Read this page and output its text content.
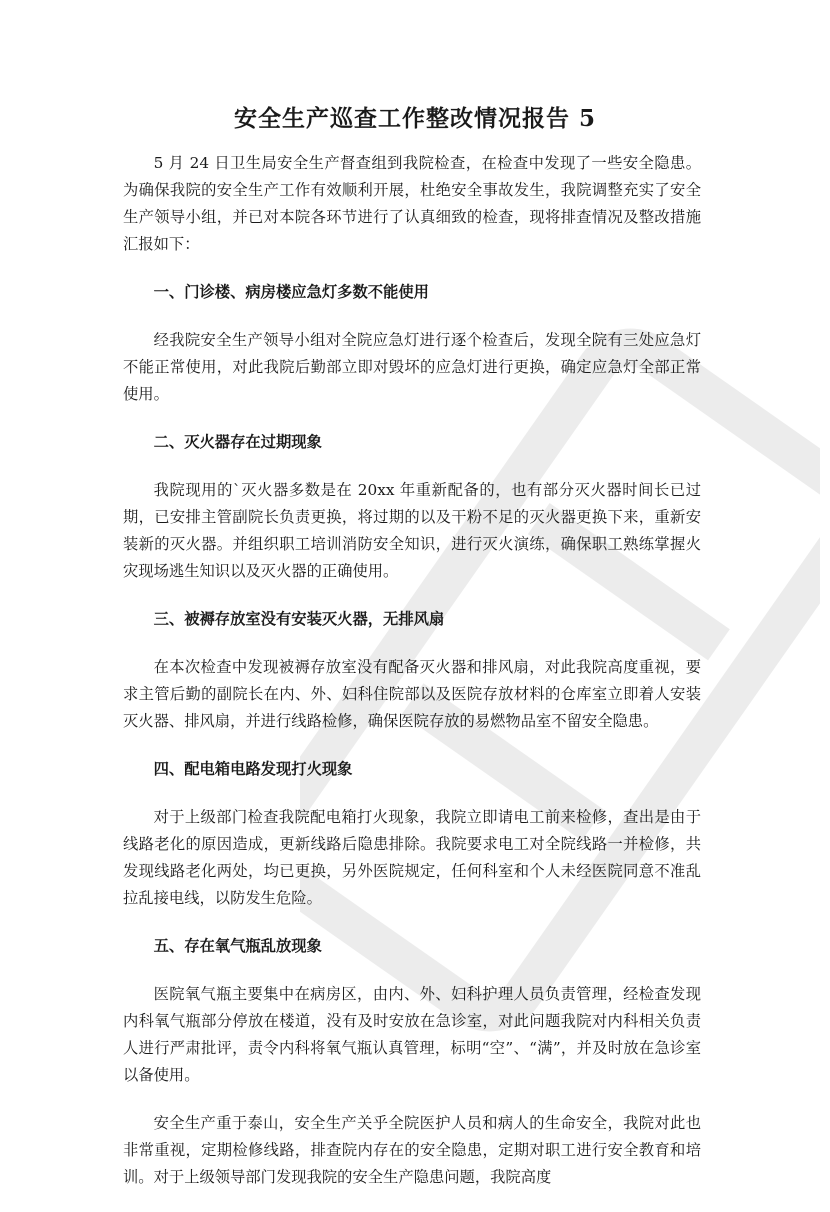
安全生产巡查工作整改情况报告 5

5 月 24 日卫生局安全生产督查组到我院检查，在检查中发现了一些安全隐患。为确保我院的安全生产工作有效顺利开展，杜绝安全事故发生，我院调整充实了安全生产领导小组，并已对本院各环节进行了认真细致的检查，现将排查情况及整改措施汇报如下：

一、门诊楼、病房楼应急灯多数不能使用

经我院安全生产领导小组对全院应急灯进行逐个检查后，发现全院有三处应急灯不能正常使用，对此我院后勤部立即对毁坏的应急灯进行更换，确定应急灯全部正常使用。

二、灭火器存在过期现象

我院现用的`灭火器多数是在 20xx 年重新配备的，也有部分灭火器时间长已过期，已安排主管副院长负责更换，将过期的以及干粉不足的灭火器更换下来，重新安装新的灭火器。并组织职工培训消防安全知识，进行灭火演练，确保职工熟练掌握火灾现场逃生知识以及灭火器的正确使用。

三、被褥存放室没有安装灭火器，无排风扇

在本次检查中发现被褥存放室没有配备灭火器和排风扇，对此我院高度重视，要求主管后勤的副院长在内、外、妇科住院部以及医院存放材料的仓库室立即着人安装灭火器、排风扇，并进行线路检修，确保医院存放的易燃物品室不留安全隐患。

四、配电箱电路发现打火现象

对于上级部门检查我院配电箱打火现象，我院立即请电工前来检修，查出是由于线路老化的原因造成，更新线路后隐患排除。我院要求电工对全院线路一并检修，共发现线路老化两处，均已更换，另外医院规定，任何科室和个人未经医院同意不准乱拉乱接电线，以防发生危险。

五、存在氧气瓶乱放现象

医院氧气瓶主要集中在病房区，由内、外、妇科护理人员负责管理，经检查发现内科氧气瓶部分停放在楼道，没有及时安放在急诊室，对此问题我院对内科相关负责人进行严肃批评，责令内科将氧气瓶认真管理，标明“空”、“满”，并及时放在急诊室以备使用。

安全生产重于泰山，安全生产关乎全院医护人员和病人的生命安全，我院对此也非常重视，定期检修线路，排查院内存在的安全隐患，定期对职工进行安全教育和培训。对于上级领导部门发现我院的安全生产隐患问题，我院高度
